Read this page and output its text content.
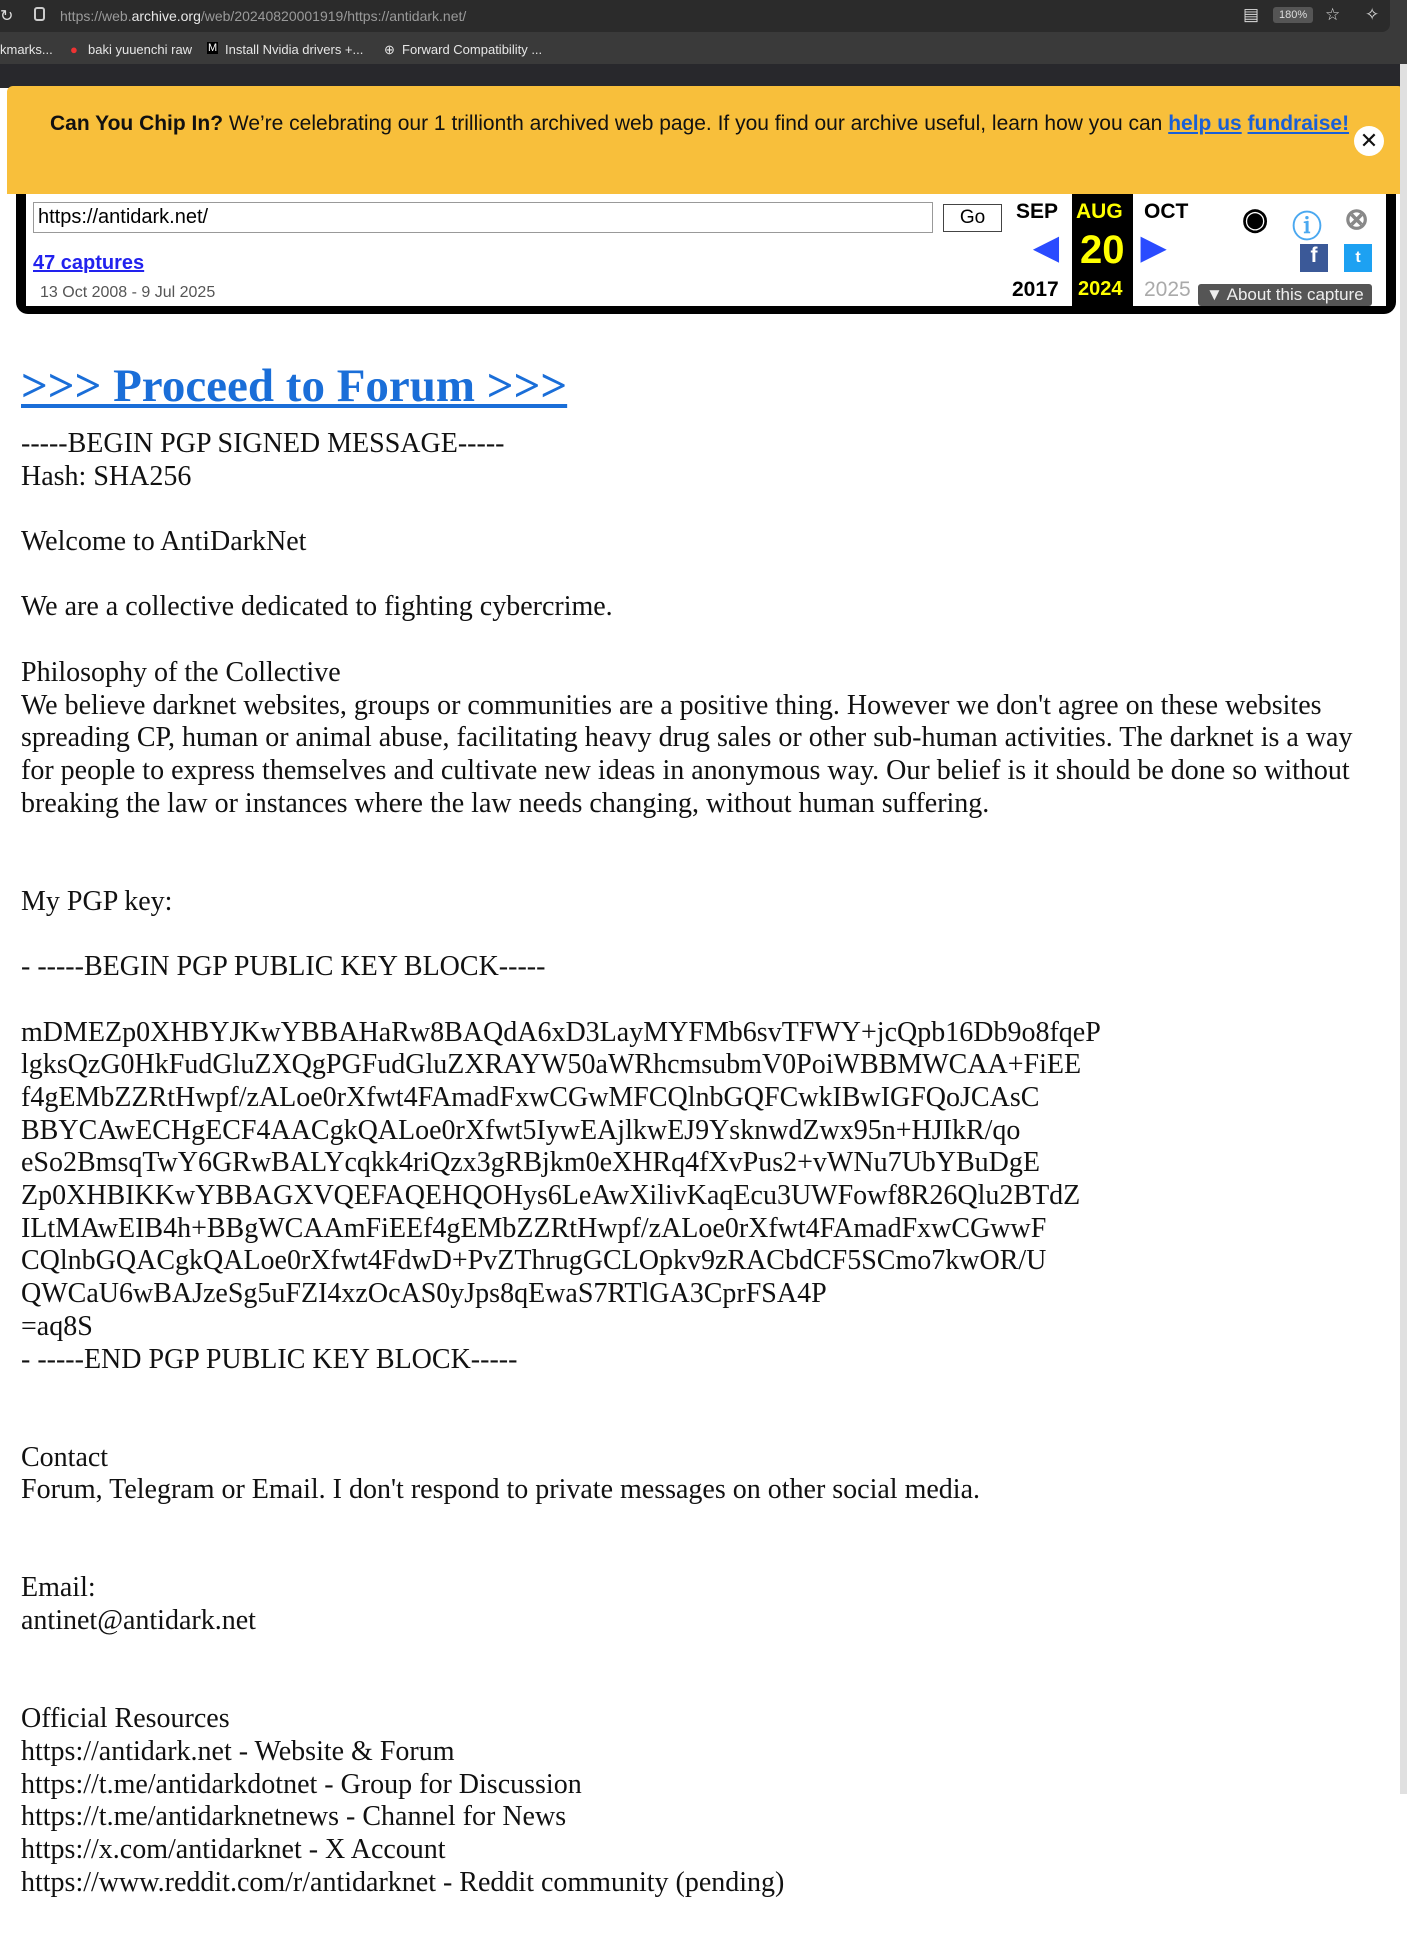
↻	https://web.archive.org/web/20240820001919/https://antidark.net/	▤	180%	☆ ✧
kmarks... ● baki yuuenchi raw M Install Nvidia drivers +... ⊕ Forward Compatibility ...
Can You Chip In? We’re celebrating our 1 trillionth archived web page. If you find our archive useful, learn how you can help us fundraise!
✕
https://antidark.net/	Go
47 captures
13 Oct 2008 - 9 Jul 2025
SEP AUG OCT
20
◀	▶
2017 2024 2025
◉ ⓘ ⊗
f	t
▼ About this capture
>>> Proceed to Forum >>>
-----BEGIN PGP SIGNED MESSAGE-----
Hash: SHA256
Welcome to AntiDarkNet
We are a collective dedicated to fighting cybercrime.
Philosophy of the Collective
We believe darknet websites, groups or communities are a positive thing. However we don't agree on these websites spreading CP, human or animal abuse, facilitating heavy drug sales or other sub-human activities. The darknet is a way for people to express themselves and cultivate new ideas in anonymous way. Our belief is it should be done so without breaking the law or instances where the law needs changing, without human suffering.
My PGP key:
- -----BEGIN PGP PUBLIC KEY BLOCK-----
mDMEZp0XHBYJKwYBBAHaRw8BAQdA6xD3LayMYFMb6svTFWY+jcQpb16Db9o8fqeP
lgksQzG0HkFudGluZXQgPGFudGluZXRAYW50aWRhcmsubmV0PoiWBBMWCAA+FiEE
f4gEMbZZRtHwpf/zALoe0rXfwt4FAmadFxwCGwMFCQlnbGQFCwkIBwIGFQoJCAsC
BBYCAwECHgECF4AACgkQALoe0rXfwt5IywEAjlkwEJ9YsknwdZwx95n+HJIkR/qo
eSo2BmsqTwY6GRwBALYcqkk4riQzx3gRBjkm0eXHRq4fXvPus2+vWNu7UbYBuDgE
Zp0XHBIKKwYBBAGXVQEFAQEHQOHys6LeAwXilivKaqEcu3UWFowf8R26Qlu2BTdZ
ILtMAwEIB4h+BBgWCAAmFiEEf4gEMbZZRtHwpf/zALoe0rXfwt4FAmadFxwCGwwF
CQlnbGQACgkQALoe0rXfwt4FdwD+PvZThrugGCLOpkv9zRACbdCF5SCmo7kwOR/U
QWCaU6wBAJzeSg5uFZI4xzOcAS0yJps8qEwaS7RTlGA3CprFSA4P
=aq8S
- -----END PGP PUBLIC KEY BLOCK-----
Contact
Forum, Telegram or Email. I don't respond to private messages on other social media.
Email:
antinet@antidark.net
Official Resources
https://antidark.net - Website & Forum
https://t.me/antidarkdotnet - Group for Discussion
https://t.me/antidarknetnews - Channel for News
https://x.com/antidarknet - X Account
https://www.reddit.com/r/antidarknet - Reddit community (pending)
